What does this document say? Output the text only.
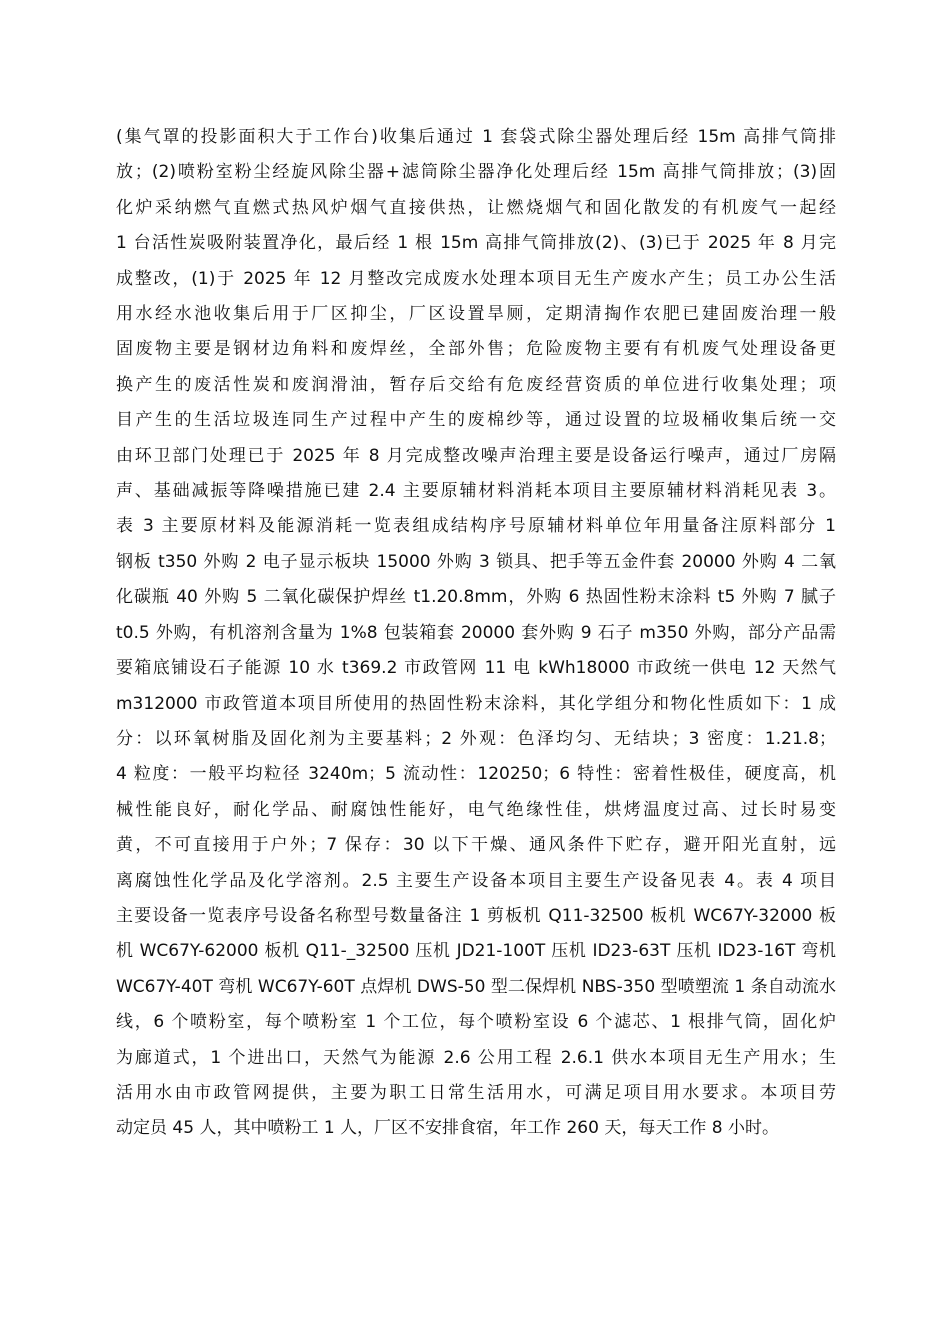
(集气罩的投影面积大于工作台)收集后通过 1 套袋式除尘器处理后经 15m 高排气筒排
放；(2)喷粉室粉尘经旋风除尘器+滤筒除尘器净化处理后经 15m 高排气筒排放；(3)固
化炉采纳燃气直燃式热风炉烟气直接供热，让燃烧烟气和固化散发的有机废气一起经
1 台活性炭吸附装置净化，最后经 1 根 15m 高排气筒排放(2)、(3)已于 2025 年 8 月完
成整改，(1)于 2025 年 12 月整改完成废水处理本项目无生产废水产生；员工办公生活
用水经水池收集后用于厂区抑尘，厂区设置旱厕，定期清掏作农肥已建固废治理一般
固废物主要是钢材边角料和废焊丝，全部外售；危险废物主要有有机废气处理设备更
换产生的废活性炭和废润滑油，暂存后交给有危废经营资质的单位进行收集处理；项
目产生的生活垃圾连同生产过程中产生的废棉纱等，通过设置的垃圾桶收集后统一交
由环卫部门处理已于 2025 年 8 月完成整改噪声治理主要是设备运行噪声，通过厂房隔
声、基础减振等降噪措施已建 2.4 主要原辅材料消耗本项目主要原辅材料消耗见表 3。
表 3 主要原材料及能源消耗一览表组成结构序号原辅材料单位年用量备注原料部分 1
钢板 t350 外购 2 电子显示板块 15000 外购 3 锁具、把手等五金件套 20000 外购 4 二氧
化碳瓶 40 外购 5 二氧化碳保护焊丝 t1.20.8mm，外购 6 热固性粉末涂料 t5 外购 7 腻子
t0.5 外购，有机溶剂含量为 1%8 包装箱套 20000 套外购 9 石子 m350 外购，部分产品需
要箱底铺设石子能源 10 水 t369.2 市政管网 11 电 kWh18000 市政统一供电 12 天然气
m312000 市政管道本项目所使用的热固性粉末涂料，其化学组分和物化性质如下：1 成
分：以环氧树脂及固化剂为主要基料；2 外观：色泽均匀、无结块；3 密度：1.21.8；
4 粒度：一般平均粒径 3240m；5 流动性：120250；6 特性：密着性极佳，硬度高，机
械性能良好，耐化学品、耐腐蚀性能好，电气绝缘性佳，烘烤温度过高、过长时易变
黄，不可直接用于户外；7 保存：30 以下干燥、通风条件下贮存，避开阳光直射，远
离腐蚀性化学品及化学溶剂。2.5 主要生产设备本项目主要生产设备见表 4。表 4 项目
主要设备一览表序号设备名称型号数量备注 1 剪板机 Q11-32500 板机 WC67Y-32000 板
机 WC67Y-62000 板机 Q11-_32500 压机 JD21-100T 压机 ID23-63T 压机 ID23-16T 弯机
WC67Y-40T 弯机 WC67Y-60T 点焊机 DWS-50 型二保焊机 NBS-350 型喷塑流 1 条自动流水
线，6 个喷粉室，每个喷粉室 1 个工位，每个喷粉室设 6 个滤芯、1 根排气筒，固化炉
为廊道式，1 个进出口，天然气为能源 2.6 公用工程 2.6.1 供水本项目无生产用水；生
活用水由市政管网提供，主要为职工日常生活用水，可满足项目用水要求。本项目劳
动定员 45 人，其中喷粉工 1 人，厂区不安排食宿，年工作 260 天，每天工作 8 小时。
